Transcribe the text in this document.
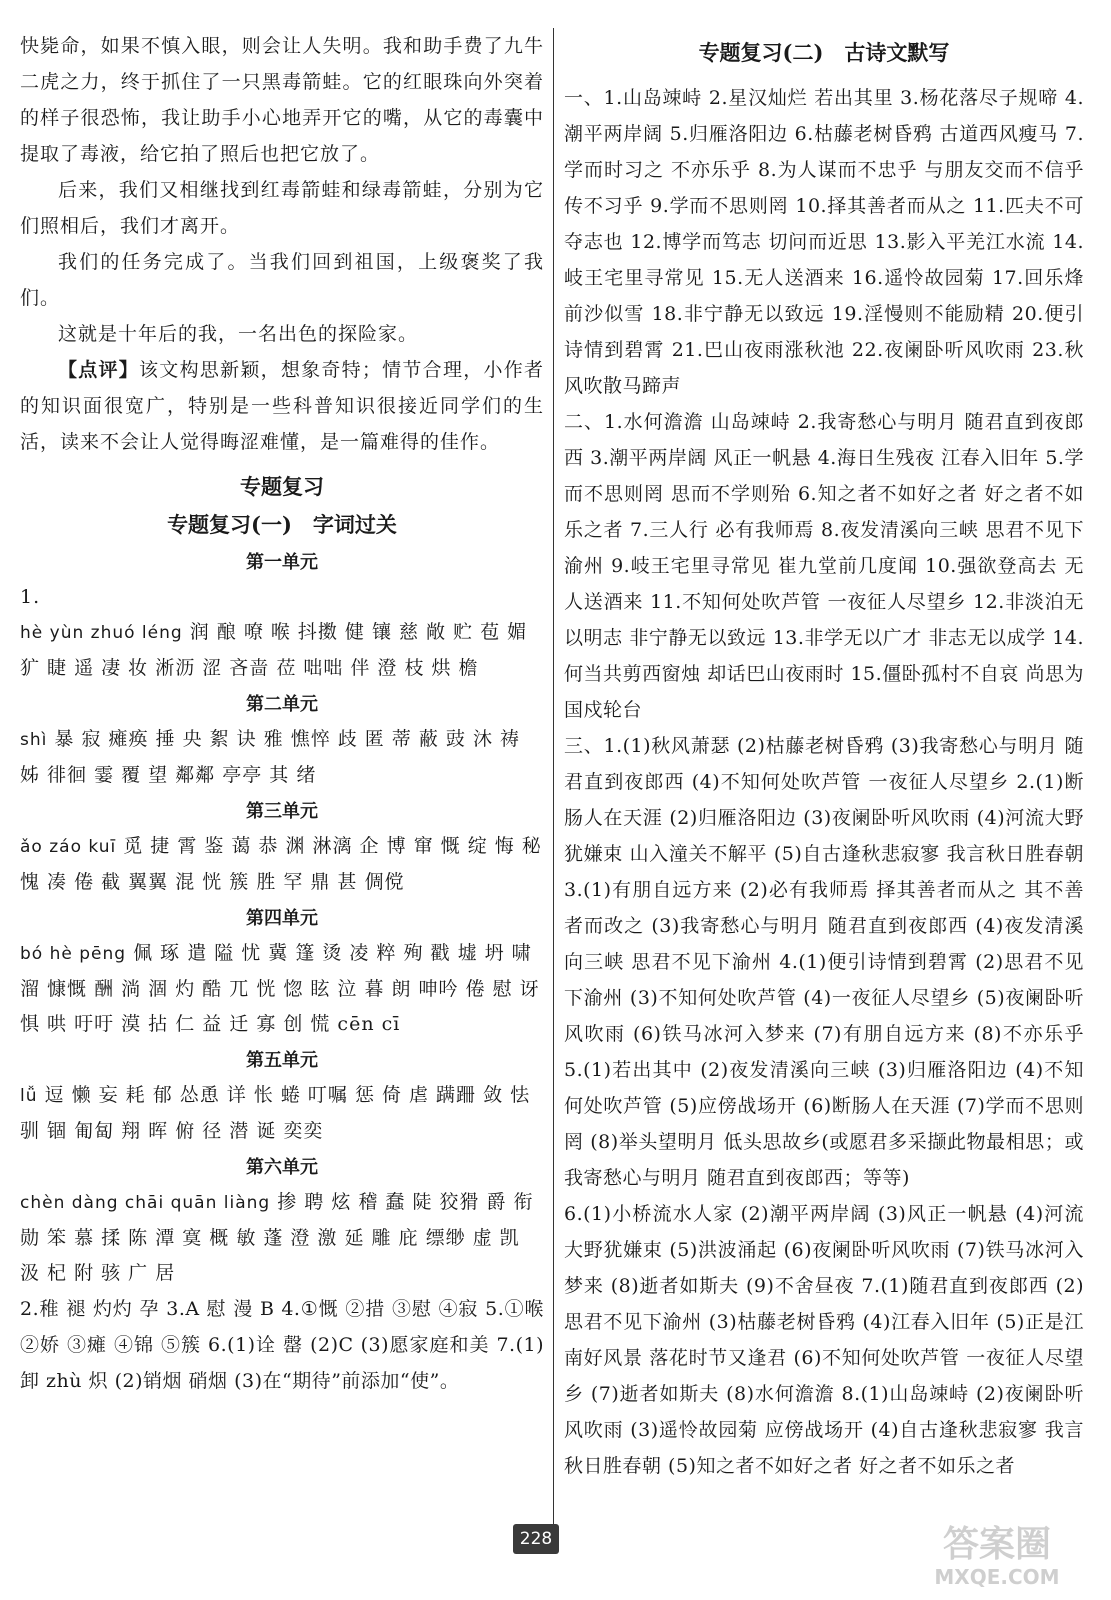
快毙命，如果不慎入眼，则会让人失明。我和助手费了九牛二虎之力，终于抓住了一只黑毒箭蛙。它的红眼珠向外突着的样子很恐怖，我让助手小心地弄开它的嘴，从它的毒囊中提取了毒液，给它拍了照后也把它放了。

后来，我们又相继找到红毒箭蛙和绿毒箭蛙，分别为它们照相后，我们才离开。

我们的任务完成了。当我们回到祖国，上级褒奖了我们。

这就是十年后的我，一名出色的探险家。

【点评】该文构思新颖，想象奇特；情节合理，小作者的知识面很宽广，特别是一些科普知识很接近同学们的生活，读来不会让人觉得晦涩难懂，是一篇难得的佳作。

专题复习

专题复习(一)　字词过关

第一单元

1.
hè yùn zhuó léng 润 酿 嘹 喉 抖擞 健 镶 慈 敞 贮 苞 媚 犷 睫 遥 凄 妆 淅沥 涩 吝啬 莅 咄咄 伴 澄 枝 烘 檐

第二单元

shì 暴 寂 瘫痪 捶 央 絮 诀 雅 憔悴 歧 匿 蒂 蔽 豉 沐 祷 姊 徘徊 霎 覆 望 鄰鄰 亭亭 其 绪

第三单元

ǎo záo kuī 觅 捷 霄 鉴 蔼 恭 渊 淋漓 企 博 窜 慨 绽 悔 秘 愧 凑 倦 截 翼翼 混 恍 簇 胜 罕 鼎 甚 倜傥

第四单元

bó hè pēng 佩 琢 遣 隘 忧 冀 篷 烫 凌 粹 殉 戳 墟 坍 啸 溜 慷慨 酬 淌 涸 灼 酷 兀 恍 惚 眩 泣 暮 朗 呻吟 倦 慰 讶 惧 哄 吁吁 漠 拈 仁 益 迁 寡 创 慌 cēn cī

第五单元

lǚ 逗 懒 妄 耗 郁 怂恿 详 怅 蜷 叮嘱 惩 倚 虐 蹒跚 敛 怯 驯 锢 匍匐 翔 晖 俯 径 潜 诞 奕奕

第六单元

chèn dàng chāi quān liàng 掺 聘 炫 稽 蠢 陡 狡猾 爵 衔 勋 笨 慕 揉 陈 潭 寞 概 敏 蓬 澄 激 延 雕 庇 缥缈 虚 凯 汲 杞 附 骇 广 居

2.稚 褪 灼灼 孕 3.A 慰 漫 B 4.①慨 ②措 ③慰 ④寂 5.①喉 ②娇 ③瘫 ④锦 ⑤簇 6.(1)诠 罄 (2)C (3)愿家庭和美 7.(1)卸 zhù 炽 (2)销烟 硝烟 (3)在“期待”前添加“使”。

专题复习(二)　古诗文默写

一、1.山岛竦峙 2.星汉灿烂 若出其里 3.杨花落尽子规啼 4.潮平两岸阔 5.归雁洛阳边 6.枯藤老树昏鸦 古道西风瘦马 7.学而时习之 不亦乐乎 8.为人谋而不忠乎 与朋友交而不信乎 传不习乎 9.学而不思则罔 10.择其善者而从之 11.匹夫不可夺志也 12.博学而笃志 切问而近思 13.影入平羌江水流 14.岐王宅里寻常见 15.无人送酒来 16.遥怜故园菊 17.回乐烽前沙似雪 18.非宁静无以致远 19.淫慢则不能励精 20.便引诗情到碧霄 21.巴山夜雨涨秋池 22.夜阑卧听风吹雨 23.秋风吹散马蹄声

二、1.水何澹澹 山岛竦峙 2.我寄愁心与明月 随君直到夜郎西 3.潮平两岸阔 风正一帆悬 4.海日生残夜 江春入旧年 5.学而不思则罔 思而不学则殆 6.知之者不如好之者 好之者不如乐之者 7.三人行 必有我师焉 8.夜发清溪向三峡 思君不见下渝州 9.岐王宅里寻常见 崔九堂前几度闻 10.强欲登高去 无人送酒来 11.不知何处吹芦管 一夜征人尽望乡 12.非淡泊无以明志 非宁静无以致远 13.非学无以广才 非志无以成学 14.何当共剪西窗烛 却话巴山夜雨时 15.僵卧孤村不自哀 尚思为国戍轮台

三、1.(1)秋风萧瑟 (2)枯藤老树昏鸦 (3)我寄愁心与明月 随君直到夜郎西 (4)不知何处吹芦管 一夜征人尽望乡 2.(1)断肠人在天涯 (2)归雁洛阳边 (3)夜阑卧听风吹雨 (4)河流大野犹嫌束 山入潼关不解平 (5)自古逢秋悲寂寥 我言秋日胜春朝 3.(1)有朋自远方来 (2)必有我师焉 择其善者而从之 其不善者而改之 (3)我寄愁心与明月 随君直到夜郎西 (4)夜发清溪向三峡 思君不见下渝州 4.(1)便引诗情到碧霄 (2)思君不见下渝州 (3)不知何处吹芦管 (4)一夜征人尽望乡 (5)夜阑卧听风吹雨 (6)铁马冰河入梦来 (7)有朋自远方来 (8)不亦乐乎 5.(1)若出其中 (2)夜发清溪向三峡 (3)归雁洛阳边 (4)不知何处吹芦管 (5)应傍战场开 (6)断肠人在天涯 (7)学而不思则罔 (8)举头望明月 低头思故乡(或愿君多采撷此物最相思；或我寄愁心与明月 随君直到夜郎西；等等)

6.(1)小桥流水人家 (2)潮平两岸阔 (3)风正一帆悬 (4)河流大野犹嫌束 (5)洪波涌起 (6)夜阑卧听风吹雨 (7)铁马冰河入梦来 (8)逝者如斯夫 (9)不舍昼夜 7.(1)随君直到夜郎西 (2)思君不见下渝州 (3)枯藤老树昏鸦 (4)江春入旧年 (5)正是江南好风景 落花时节又逢君 (6)不知何处吹芦管 一夜征人尽望乡 (7)逝者如斯夫 (8)水何澹澹 8.(1)山岛竦峙 (2)夜阑卧听风吹雨 (3)遥怜故园菊 应傍战场开 (4)自古逢秋悲寂寥 我言秋日胜春朝 (5)知之者不如好之者 好之者不如乐之者

228	答案圈
MXQE.COM
